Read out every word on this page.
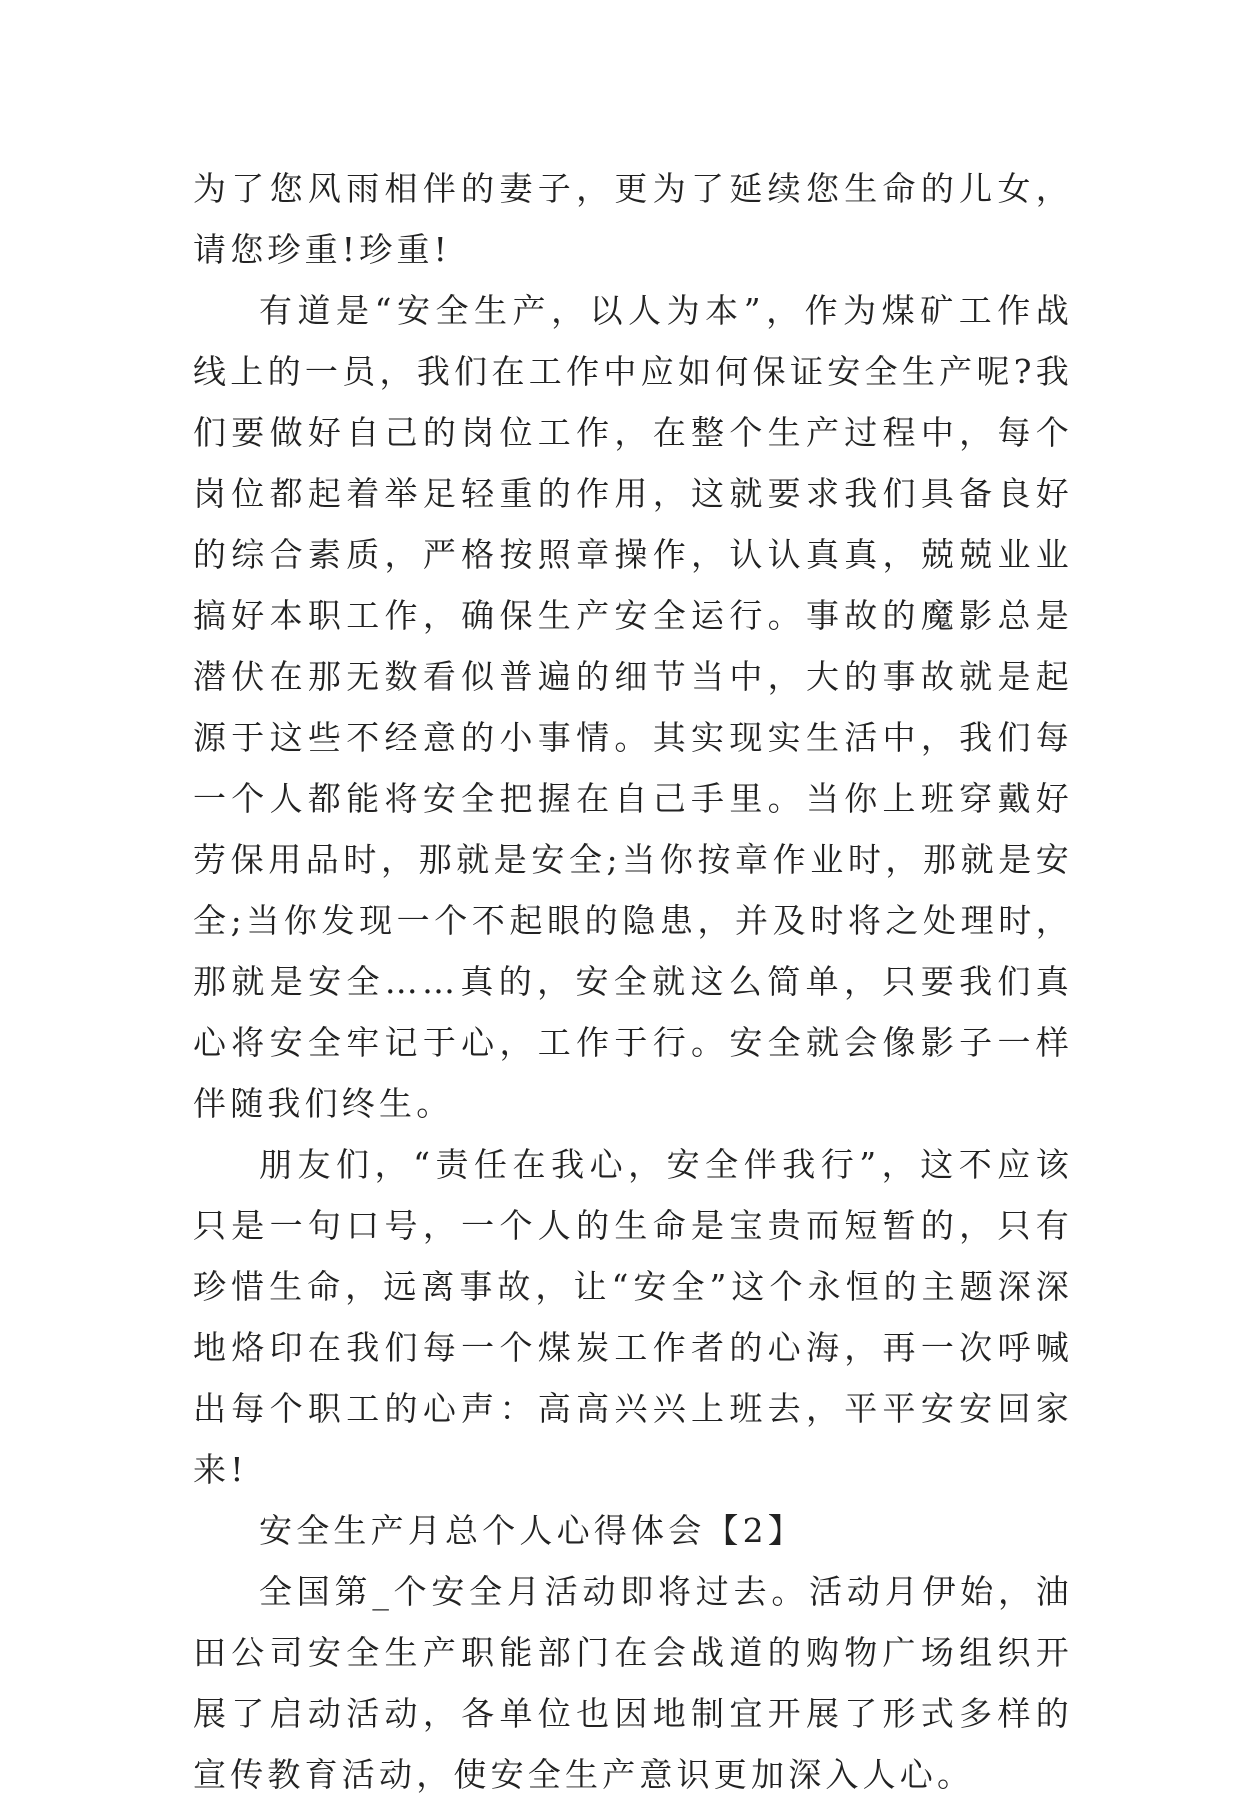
为了您风雨相伴的妻子，更为了延续您生命的儿女，请您珍重!珍重!

有道是“安全生产，以人为本”，作为煤矿工作战线上的一员，我们在工作中应如何保证安全生产呢?我们要做好自己的岗位工作，在整个生产过程中，每个岗位都起着举足轻重的作用，这就要求我们具备良好的综合素质，严格按照章操作，认认真真，兢兢业业搞好本职工作，确保生产安全运行。事故的魔影总是潜伏在那无数看似普遍的细节当中，大的事故就是起源于这些不经意的小事情。其实现实生活中，我们每一个人都能将安全把握在自己手里。当你上班穿戴好劳保用品时，那就是安全;当你按章作业时，那就是安全;当你发现一个不起眼的隐患，并及时将之处理时，那就是安全……真的，安全就这么简单，只要我们真心将安全牢记于心，工作于行。安全就会像影子一样伴随我们终生。

朋友们，“责任在我心，安全伴我行”，这不应该只是一句口号，一个人的生命是宝贵而短暂的，只有珍惜生命，远离事故，让“安全”这个永恒的主题深深地烙印在我们每一个煤炭工作者的心海，再一次呼喊出每个职工的心声：高高兴兴上班去，平平安安回家来!

安全生产月总个人心得体会【2】

全国第_个安全月活动即将过去。活动月伊始，油田公司安全生产职能部门在会战道的购物广场组织开展了启动活动，各单位也因地制宜开展了形式多样的宣传教育活动，使安全生产意识更加深入人心。
